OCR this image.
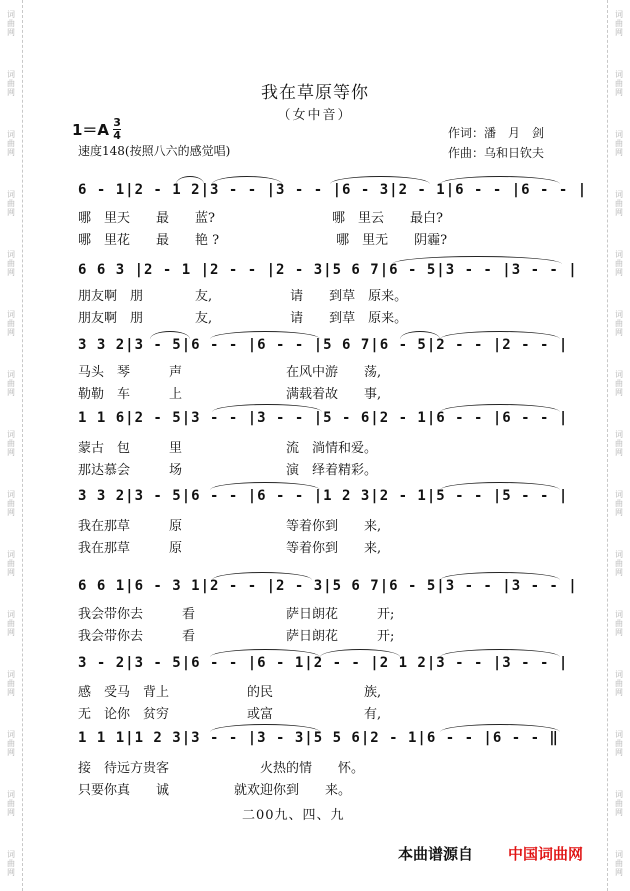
我在草原等你
（女中音）
1＝A 3
4	作词：潘　月　剑
速度148(按照八六的感觉唱)	作曲：乌和日钦夫
6 - 1|2 - 1 2|3 - - |3 - - |6 - 3|2 - 1|6 - - |6 - - |
哪　里天　　最　　蓝?　　　　　　　　　哪　里云　　最白?
哪　里花　　最　　艳 ?　　　　　　　　　哪　里无　　阴霾?
6 6 3 |2 - 1 |2 - - |2 - 3|5 6 7|6 - 5|3 - - |3 - - |
朋友啊　朋　　　　友,　　　　　　请　　到草　原来。
朋友啊　朋　　　　友,　　　　　　请　　到草　原来。
3 3 2|3 - 5|6 - - |6 - - |5 6 7|6 - 5|2 - - |2 - - |
马头　琴　　　声　　　　　　　　在风中游　　荡,
勒勒　车　　　上　　　　　　　　满载着故　　事,
1 1 6|2 - 5|3 - - |3 - - |5 - 6|2 - 1|6 - - |6 - - |
蒙古　包　　　里　　　　　　　　流　淌情和爱。
那达慕会　　　场　　　　　　　　演　绎着精彩。
3 3 2|3 - 5|6 - - |6 - - |1 2 3|2 - 1|5 - - |5 - - |
我在那草　　　原　　　　　　　　等着你到　　来,
我在那草　　　原　　　　　　　　等着你到　　来,
6 6 1|6 - 3 1|2 - - |2 - 3|5 6 7|6 - 5|3 - - |3 - - |
我会带你去　　　看　　　　　　　萨日朗花　　　开;
我会带你去　　　看　　　　　　　萨日朗花　　　开;
3 - 2|3 - 5|6 - - |6 - 1|2 - - |2 1 2|3 - - |3 - - |
感　受马　背上　　　　　　的民　　　　　　　族,
无　论你　贫穷　　　　　　或富　　　　　　　有,
1 1 1|1 2 3|3 - - |3 - 3|5 5 6|2 - 1|6 - - |6 - - ‖
接　待远方贵客　　　　　　　火热的情　　怀。
只要你真　　诚　　　　　就欢迎你到　　来。
二00九、四、九
本曲谱源自 中国词曲网
词
曲
网
词
曲
网
词
曲
网
词
曲
网
词
曲
网
词
曲
网
词
曲
网
词
曲
网
词
曲
网
词
曲
网
词
曲
网
词
曲
网
词
曲
网
词
曲
网
词
曲
网
词
曲
网
词
曲
网
词
曲
网
词
曲
网
词
曲
网
词
曲
网
词
曲
网
词
曲
网
词
曲
网
词
曲
网
词
曲
网
词
曲
网
词
曲
网
词
曲
网
词
曲
网
